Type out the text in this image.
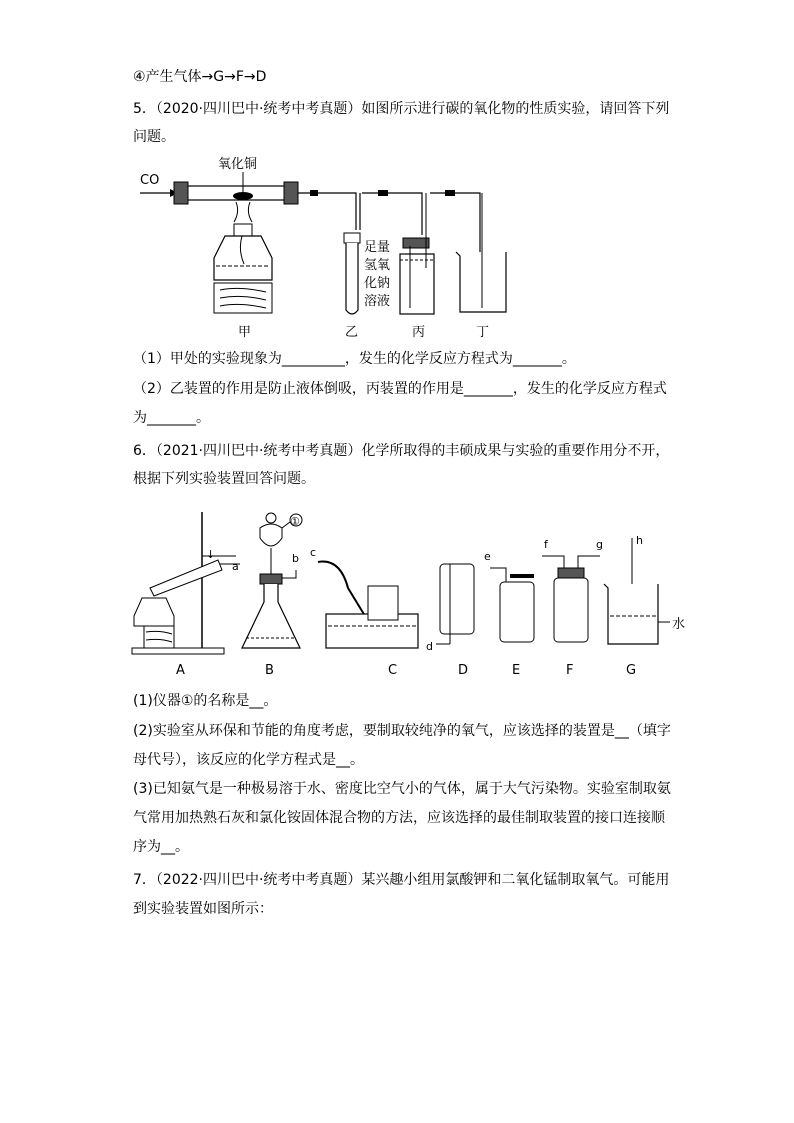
④产生气体→G→F→D
5．（2020·四川巴中·统考中考真题）如图所示进行碳的氧化物的性质实验，请回答下列
问题。
CO
氧化铜
足量
氢氧
化钠
溶液
甲	乙	丙	丁
（1）甲处的实验现象为_________，发生的化学反应方程式为_______。
（2）乙装置的作用是防止液体倒吸，丙装置的作用是_______，发生的化学反应方程式
为_______。
6．（2021·四川巴中·统考中考真题）化学所取得的丰硕成果与实验的重要作用分不开，
根据下列实验装置回答问题。
↓
a
A
①
b
B
c
C
d
D
e
E
f	g
F
h
水
G
(1)仪器①的名称是__。
(2)实验室从环保和节能的角度考虑，要制取较纯净的氧气，应该选择的装置是__（填字
母代号），该反应的化学方程式是__。
(3)已知氨气是一种极易溶于水、密度比空气小的气体，属于大气污染物。实验室制取氨
气常用加热熟石灰和氯化铵固体混合物的方法，应该选择的最佳制取装置的接口连接顺
序为__。
7．（2022·四川巴中·统考中考真题）某兴趣小组用氯酸钾和二氧化锰制取氧气。可能用
到实验装置如图所示：
